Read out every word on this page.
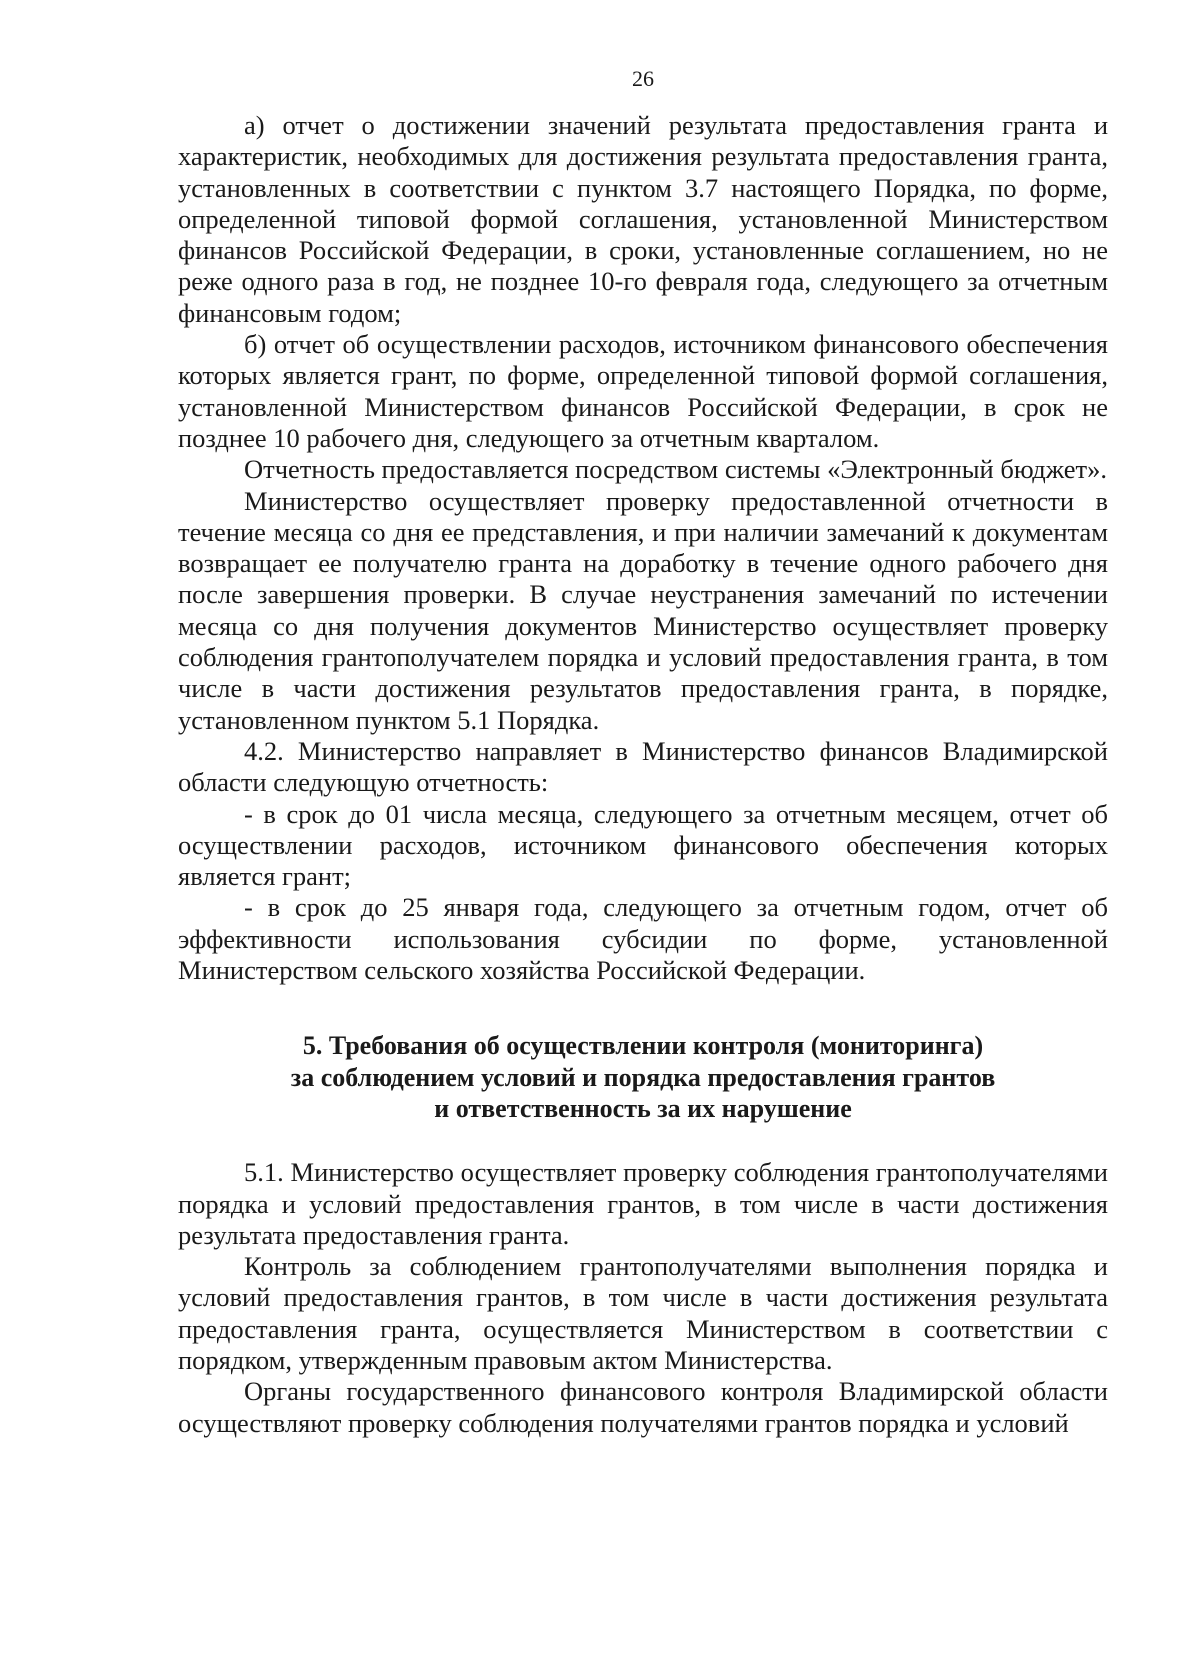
26

а) отчет о достижении значений результата предоставления гранта и характеристик, необходимых для достижения результата предоставления гранта, установленных в соответствии с пунктом 3.7 настоящего Порядка, по форме, определенной типовой формой соглашения, установленной Министерством финансов Российской Федерации, в сроки, установленные соглашением, но не реже одного раза в год, не позднее 10-го февраля года, следующего за отчетным финансовым годом;

б) отчет об осуществлении расходов, источником финансового обеспечения которых является грант, по форме, определенной типовой формой соглашения, установленной Министерством финансов Российской Федерации, в срок не позднее 10 рабочего дня, следующего за отчетным кварталом.

Отчетность предоставляется посредством системы «Электронный бюджет».

Министерство осуществляет проверку предоставленной отчетности в течение месяца со дня ее представления, и при наличии замечаний к документам возвращает ее получателю гранта на доработку в течение одного рабочего дня после завершения проверки. В случае неустранения замечаний по истечении месяца со дня получения документов Министерство осуществляет проверку соблюдения грантополучателем порядка и условий предоставления гранта, в том числе в части достижения результатов предоставления гранта, в порядке, установленном пунктом 5.1 Порядка.

4.2. Министерство направляет в Министерство финансов Владимирской области следующую отчетность:

- в срок до 01 числа месяца, следующего за отчетным месяцем, отчет об осуществлении расходов, источником финансового обеспечения которых является грант;

- в срок до 25 января года, следующего за отчетным годом, отчет об эффективности использования субсидии по форме, установленной Министерством сельского хозяйства Российской Федерации.

5. Требования об осуществлении контроля (мониторинга)
за соблюдением условий и порядка предоставления грантов
и ответственность за их нарушение

5.1. Министерство осуществляет проверку соблюдения грантополучателями порядка и условий предоставления грантов, в том числе в части достижения результата предоставления гранта.

Контроль за соблюдением грантополучателями выполнения порядка и условий предоставления грантов, в том числе в части достижения результата предоставления гранта, осуществляется Министерством в соответствии с порядком, утвержденным правовым актом Министерства.

Органы государственного финансового контроля Владимирской области осуществляют проверку соблюдения получателями грантов порядка и условий
